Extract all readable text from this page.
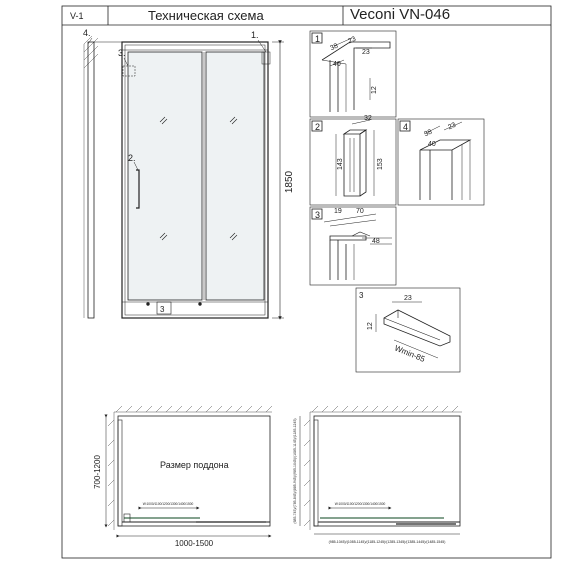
V-1	Техническая схема	Veconi VN-046
1850
1.
2.
3.
4.
3
1
38
23
23
40
12
2
32
143	153
3
48
19 70
4
38
23
40
3	23
12
Wmin-85
Размер поддона
700-1200
1000-1500
W:1000/1100/1200/1300/1400/1500	W:1000/1100/1200/1300/1400/1500
(985-1045)/(1085-1145)/(1185-1245)/(1285-1345)/(1385-1445)/(1485-1545)
(685-745)/(785-845)/(885-945)/(985-1045)/(1085-1145)/(1185-1245)
